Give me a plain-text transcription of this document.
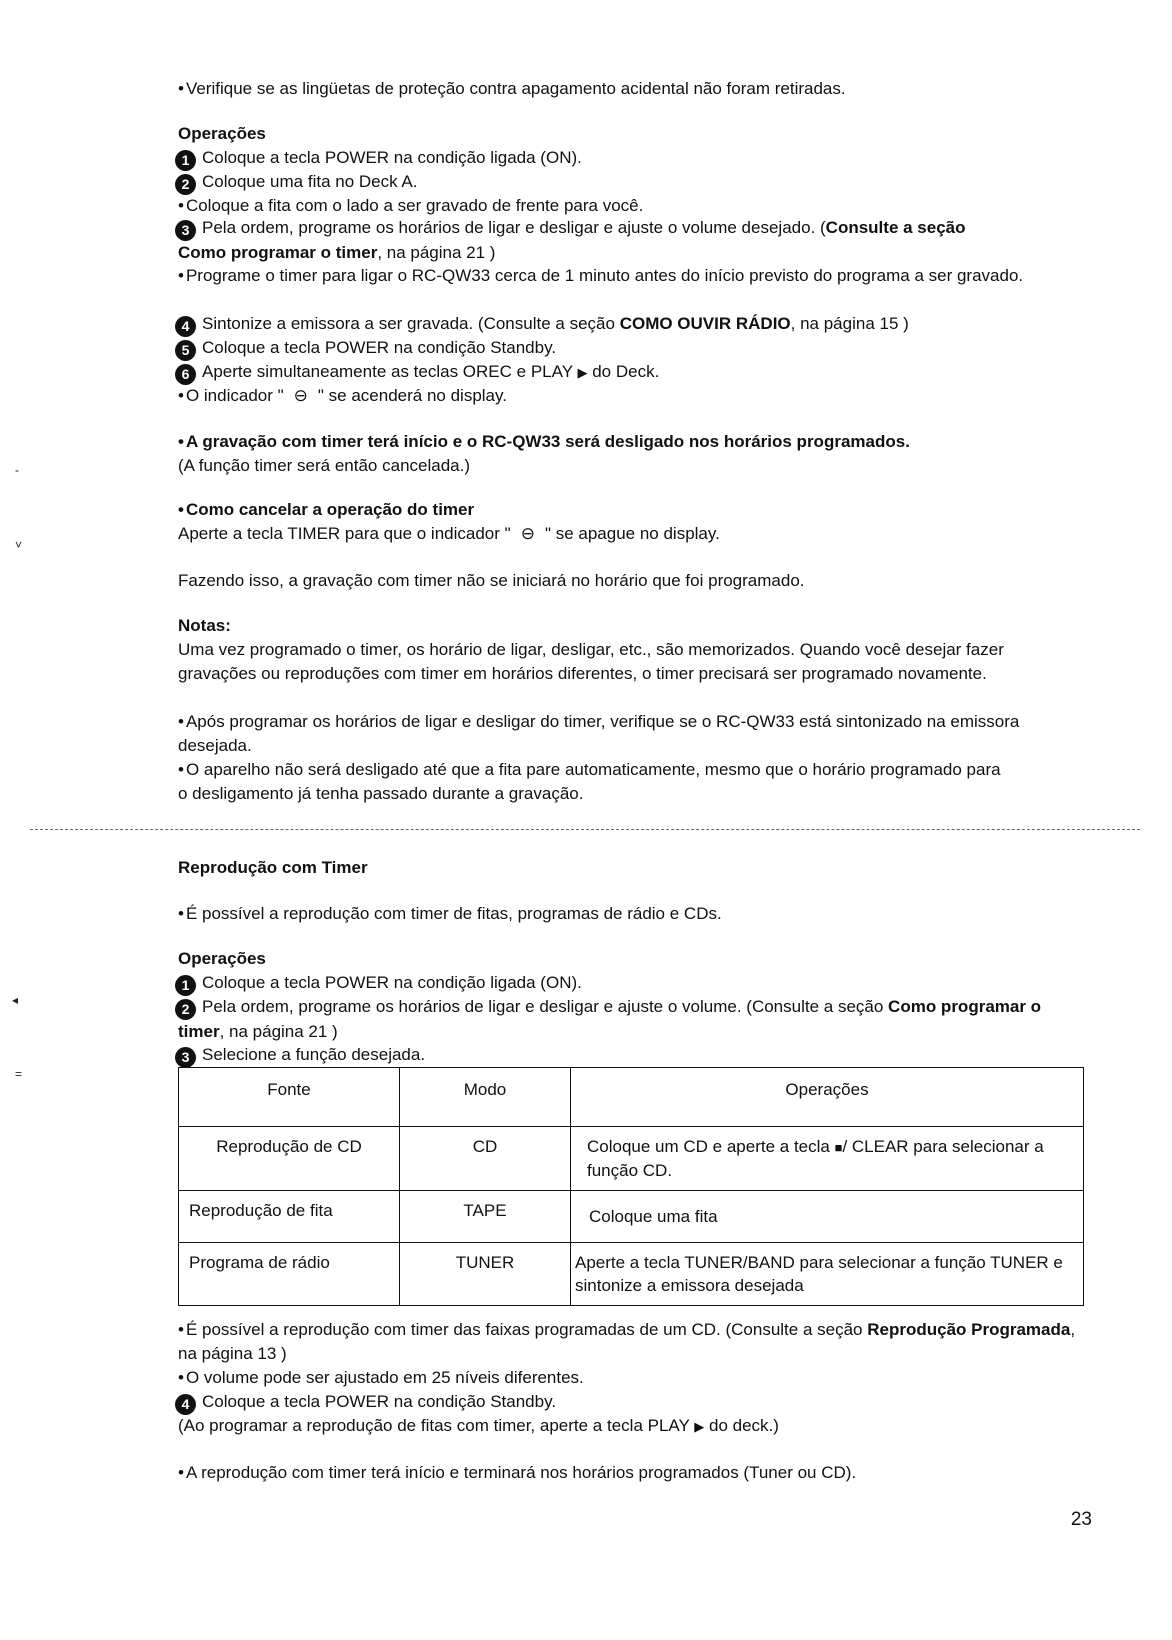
-
˅
◂
=

• Verifique se as lingüetas de proteção contra apagamento acidental não foram retiradas.

Operações

1 Coloque a tecla POWER na condição ligada (ON).

2 Coloque uma fita no Deck A.

• Coloque a fita com o lado a ser gravado de frente para você.

3 Pela ordem, programe os horários de ligar e desligar e ajuste o volume desejado. (Consulte a seção
Como programar o timer, na página 21 )

• Programe o timer para ligar o RC-QW33 cerca de 1 minuto antes do início previsto do programa a ser gravado.

4 Sintonize a emissora a ser gravada. (Consulte a seção COMO OUVIR RÁDIO, na página 15 )

5 Coloque a tecla POWER na condição Standby.

6 Aperte simultaneamente as teclas OREC e PLAY ▶ do Deck.

• O indicador " ⊖ " se acenderá no display.

• A gravação com timer terá início e o RC-QW33 será desligado nos horários programados.

(A função timer será então cancelada.)

• Como cancelar a operação do timer

Aperte a tecla TIMER para que o indicador " ⊖ " se apague no display.

Fazendo isso, a gravação com timer não se iniciará no horário que foi programado.

Notas:

Uma vez programado o timer, os horário de ligar, desligar, etc., são memorizados. Quando você desejar fazer gravações ou reproduções com timer em horários diferentes, o timer precisará ser programado novamente.

• Após programar os horários de ligar e desligar do timer, verifique se o RC-QW33 está sintonizado na emissora desejada.

• O aparelho não será desligado até que a fita pare automaticamente, mesmo que o horário programado para o desligamento já tenha passado durante a gravação.

Reprodução com Timer

• É possível a reprodução com timer de fitas, programas de rádio e CDs.

Operações

1 Coloque a tecla POWER na condição ligada (ON).

2 Pela ordem, programe os horários de ligar e desligar e ajuste o volume. (Consulte a seção Como programar o timer, na página 21 )

3 Selecione a função desejada.

• É possível a reprodução com timer das faixas programadas de um CD. (Consulte a seção Reprodução Programada, na página 13 )

• O volume pode ser ajustado em 25 níveis diferentes.

4 Coloque a tecla POWER na condição Standby.

(Ao programar a reprodução de fitas com timer, aperte a tecla PLAY ▶ do deck.)

• A reprodução com timer terá início e terminará nos horários programados (Tuner ou CD).

Fonte	Modo	Operações
Reprodução de CD	CD	Coloque um CD e aperte a tecla ■/ CLEAR para selecionar a função CD.
Reprodução de fita	TAPE	Coloque uma fita
Programa de rádio	TUNER	Aperte a tecla TUNER/BAND para selecionar a função TUNER e sintonize a emissora desejada
23
